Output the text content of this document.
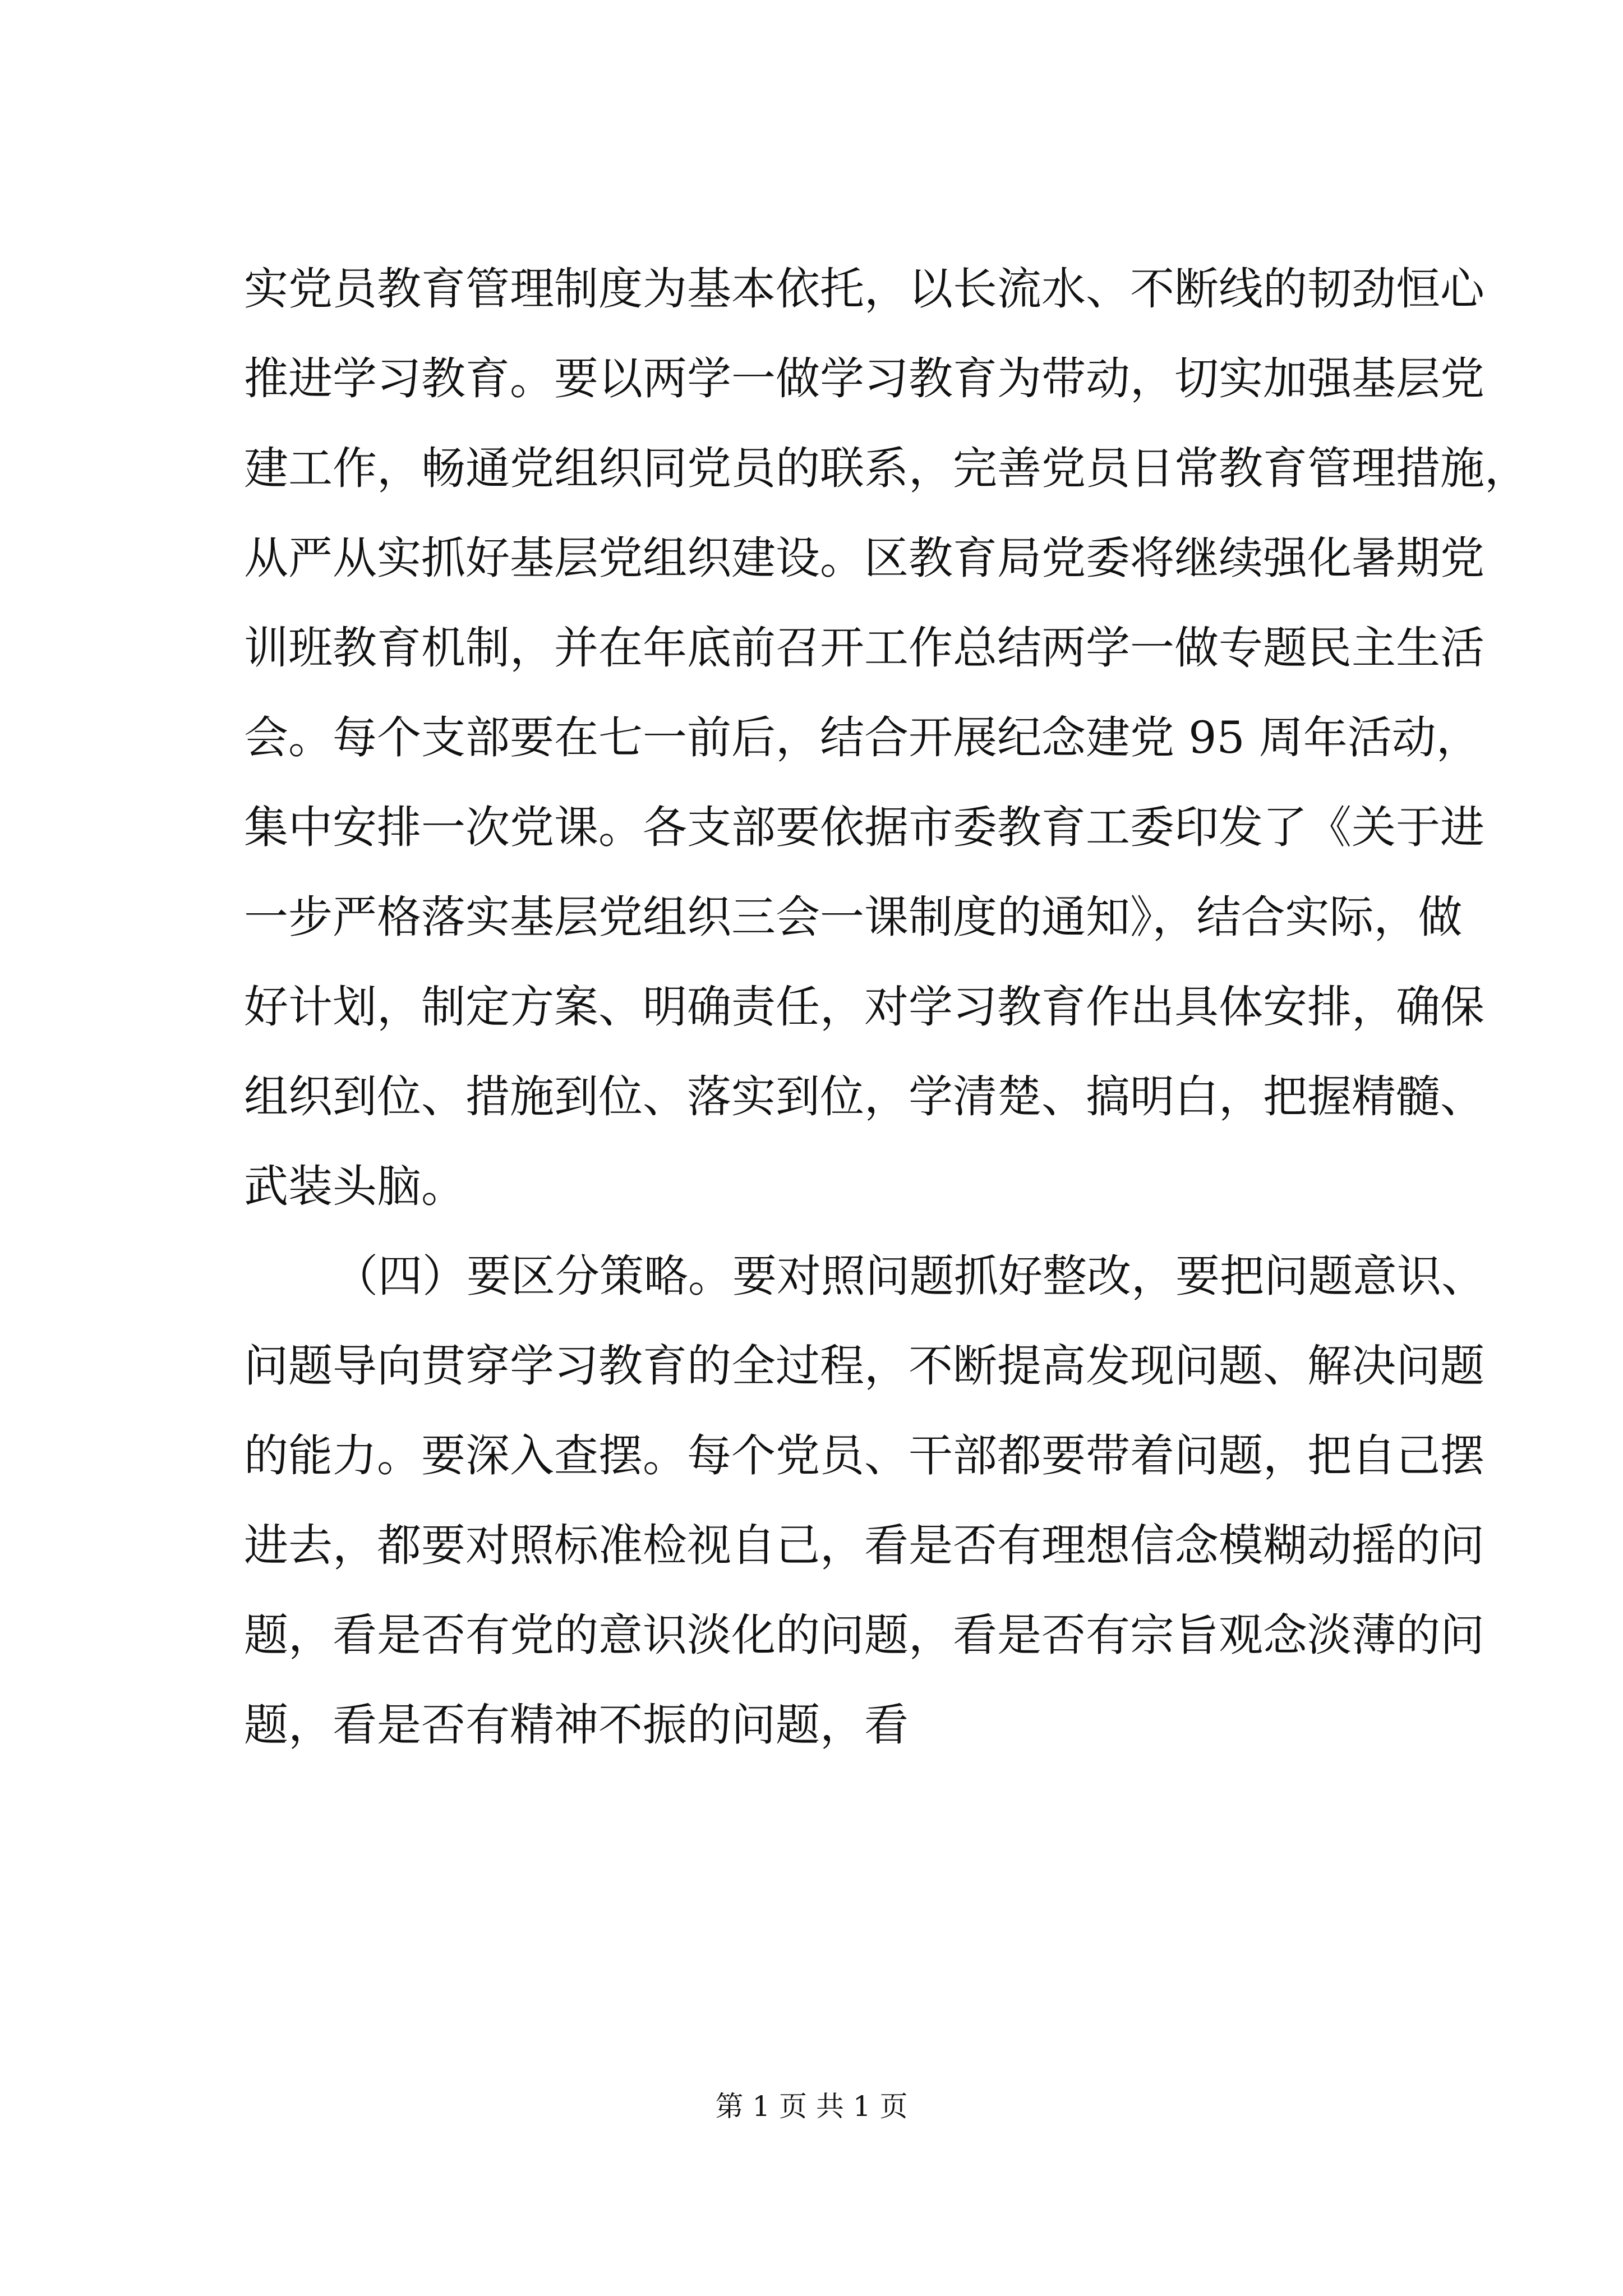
实党员教育管理制度为基本依托，以长流水、不断线的韧劲恒心
推进学习教育。要以两学一做学习教育为带动，切实加强基层党
建工作，畅通党组织同党员的联系，完善党员日常教育管理措施，
从严从实抓好基层党组织建设。区教育局党委将继续强化暑期党
训班教育机制，并在年底前召开工作总结两学一做专题民主生活
会。每个支部要在七一前后，结合开展纪念建党 95 周年活动，
集中安排一次党课。各支部要依据市委教育工委印发了《关于进
一步严格落实基层党组织三会一课制度的通知》，结合实际，做
好计划，制定方案、明确责任，对学习教育作出具体安排，确保
组织到位、措施到位、落实到位，学清楚、搞明白，把握精髓、
武装头脑。
（四）要区分策略。要对照问题抓好整改，要把问题意识、
问题导向贯穿学习教育的全过程，不断提高发现问题、解决问题
的能力。要深入查摆。每个党员、干部都要带着问题，把自己摆
进去，都要对照标准检视自己，看是否有理想信念模糊动摇的问
题，看是否有党的意识淡化的问题，看是否有宗旨观念淡薄的问
题，看是否有精神不振的问题，看
第 1 页 共 1 页
